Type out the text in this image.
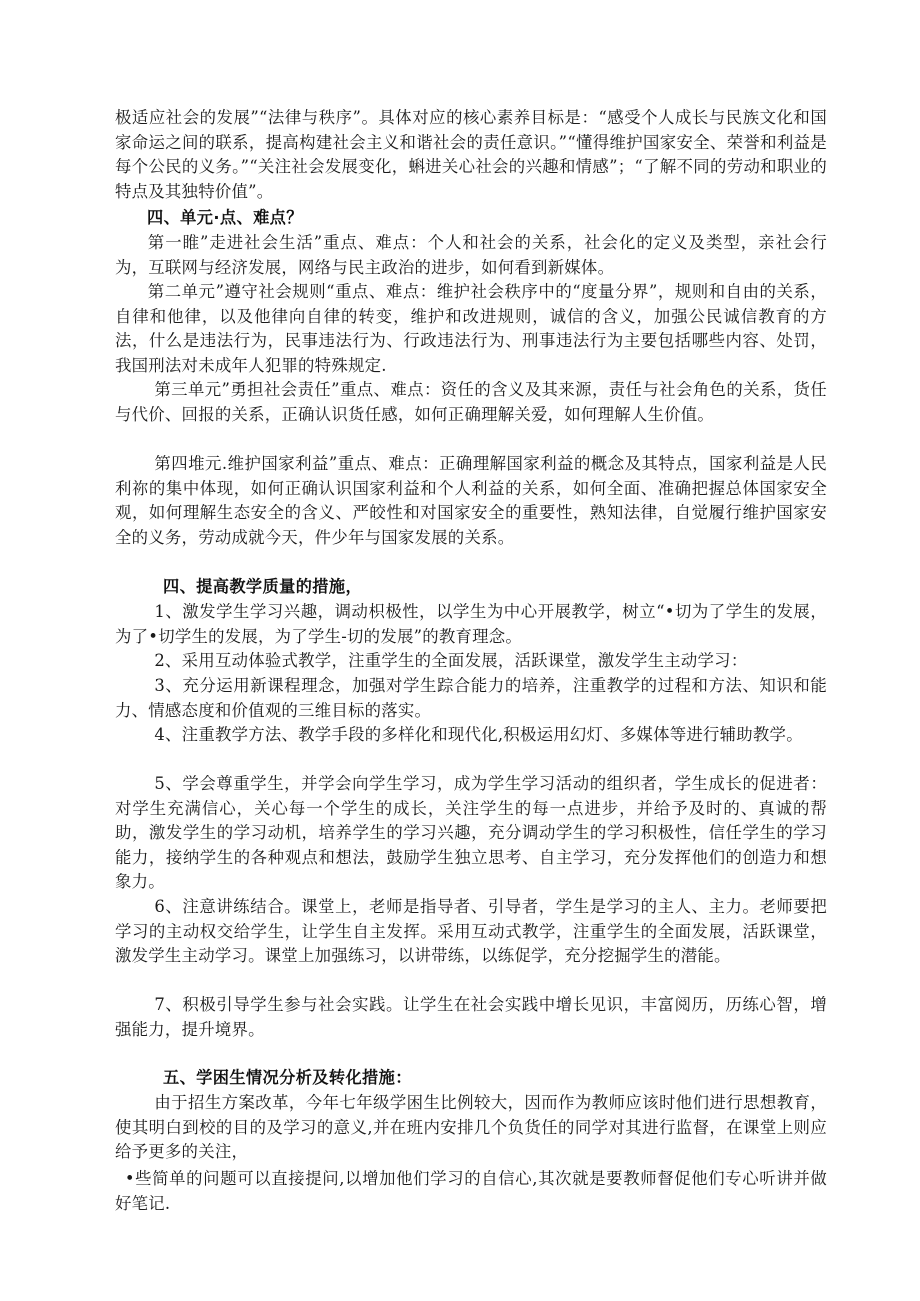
极适应社会的发展”“法律与秩序”。具体对应的核心素养目标是：“感受个人成长与民族文化和国家命运之间的联系，提高构建社会主义和谐社会的责任意识。”“懂得维护国家安全、荣誉和利益是每个公民的义务。”“关注社会发展变化，蝌进关心社会的兴趣和情感”；“了解不同的劳动和职业的特点及其独特价值”。
四、单元·点、难点？
第一睢”走进社会生活”重点、难点：个人和社会的关系，社会化的定义及类型，亲社会行为，互联网与经济发展，网络与民主政治的进步，如何看到新媒体。
第二单元”遵守社会规则“重点、难点：维护社会秩序中的“度量分界”，规则和自由的关系，自律和他律，以及他律向自律的转变，维护和改进规则，诚信的含义，加强公民诚信教育的方法，什么是违法行为，民事违法行为、行政违法行为、刑事违法行为主要包括哪些内容、处罚，我国刑法对未成年人犯罪的特殊规定.
第三单元”勇担社会责任”重点、难点：资任的含义及其来源，责任与社会角色的关系，货任与代价、回报的关系，正确认识货任感，如何正确理解关爱，如何理解人生价值。
第四堆元.维护国家利益”重点、难点：正确理解国家利益的概念及其特点，国家利益是人民利祢的集中体现，如何正确认识国家利益和个人利益的关系，如何全面、准确把握总体国家安全观，如何理解生态安全的含义、严皎性和对国家安全的重要性，熟知法律，自觉履行维护国家安全的义务，劳动成就今天，件少年与国家发展的关系。
四、提高教学质量的措施，
1、激发学生学习兴趣，调动枳极性，以学生为中心开展教学，树立“•切为了学生的发展，为了•切学生的发展，为了学生-切的发展”的教育理念。
2、采用互动体验式教学，注重学生的全面发展，活跃课堂，激发学生主动学习：
3、充分运用新课程理念，加强对学生踪合能力的培养，注重教学的过程和方法、知识和能力、情感态度和价值观的三维目标的落实。
4、注重教学方法、教学手段的多样化和现代化,积极运用幻灯、多媒体等进行辅助教学。
5、学会尊重学生，并学会向学生学习，成为学生学习活动的组织者，学生成长的促进者：对学生充满信心，关心每一个学生的成长，关注学生的每一点进步，并给予及时的、真诚的帮助，激发学生的学习动机，培养学生的学习兴趣，充分调动学生的学习积极性，信任学生的学习能力，接纳学生的各种观点和想法，鼓励学生独立思考、自主学习，充分发挥他们的创造力和想象力。
6、注意讲练结合。课堂上，老师是指导者、引导者，学生是学习的主人、主力。老师要把学习的主动权交给学生，让学生自主发挥。采用互动式教学，注重学生的全面发展，活跃课堂，激发学生主动学习。课堂上加强练习，以讲带练，以练促学，充分挖掘学生的潜能。
7、积极引导学生参与社会实践。让学生在社会实践中增长见识，丰富阅历，历练心智，增强能力，提升境界。
五、学困生情况分析及转化措施：
由于招生方案改革，今年七年级学困生比例较大，因而作为教师应该时他们进行思想教育，使其明白到校的目的及学习的意义,并在班内安排几个负货任的同学对其进行监督，在课堂上则应给予更多的关注，
•些简单的问题可以直接提问,以增加他们学习的自信心,其次就是要教师督促他们专心听讲并做好笔记.
